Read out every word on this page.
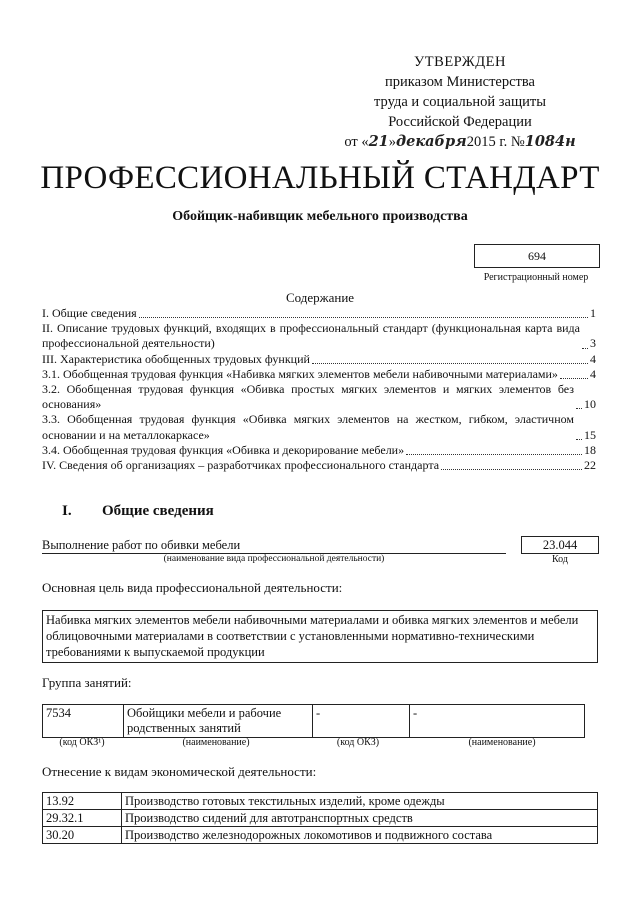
УТВЕРЖДЕН
приказом Министерства
труда и социальной защиты
Российской Федерации
от « 21 » декабря 2015 г. № 1084н
ПРОФЕССИОНАЛЬНЫЙ СТАНДАРТ
Обойщик-набивщик мебельного производства
694
Регистрационный номер
Содержание
I. Общие сведения	1
II. Описание трудовых функций, входящих в профессиональный стандарт (функциональная карта вида профессиональной деятельности)	3
III. Характеристика обобщенных трудовых функций	4
3.1. Обобщенная трудовая функция «Набивка мягких элементов мебели набивочными материалами»	4
3.2. Обобщенная трудовая функция «Обивка простых мягких элементов и мягких элементов без основания»	10
3.3. Обобщенная трудовая функция «Обивка мягких элементов на жестком, гибком, эластичном основании и на металлокаркасе»	15
3.4. Обобщенная трудовая функция «Обивка и декорирование мебели»	18
IV. Сведения об организациях – разработчиках профессионального стандарта	22
I. Общие сведения
Выполнение работ по обивки мебели
(наименование вида профессиональной деятельности)
23.044
Код
Основная цель вида профессиональной деятельности:
Набивка мягких элементов мебели набивочными материалами и обивка мягких элементов и мебели облицовочными материалами в соответствии с установленными нормативно-техническими требованиями к выпускаемой продукции
Группа занятий:
7534	Обойщики мебели и рабочие родственных занятий	-	-
(код ОКЗ¹)	(наименование)	(код ОКЗ)	(наименование)
Отнесение к видам экономической деятельности:
13.92	Производство готовых текстильных изделий, кроме одежды
29.32.1	Производство сидений для автотранспортных средств
30.20	Производство железнодорожных локомотивов и подвижного состава
